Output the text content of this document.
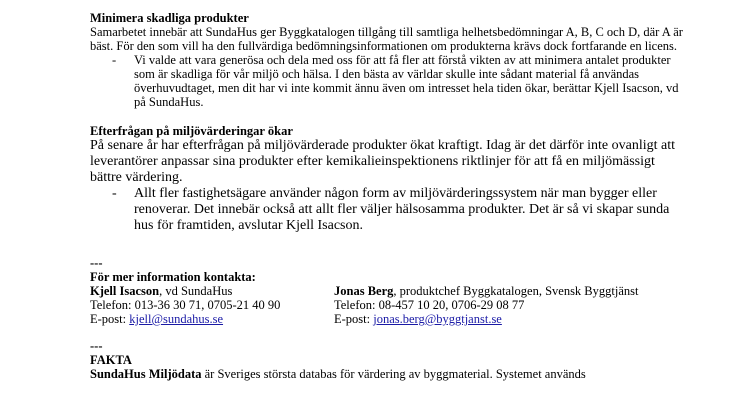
Minimera skadliga produkter

Samarbetet innebär att SundaHus ger Byggkatalogen tillgång till samtliga helhetsbedömningar A, B, C och D, där A är bäst. För den som vill ha den fullvärdiga bedömningsinformationen om produkterna krävs dock fortfarande en licens.

- Vi valde att vara generösa och dela med oss för att få fler att förstå vikten av att minimera antalet produkter som är skadliga för vår miljö och hälsa. I den bästa av världar skulle inte sådant material få användas överhuvudtaget, men dit har vi inte kommit ännu även om intresset hela tiden ökar, berättar Kjell Isacson, vd på SundaHus.

Efterfrågan på miljövärderingar ökar

På senare år har efterfrågan på miljövärderade produkter ökat kraftigt. Idag är det därför inte ovanligt att leverantörer anpassar sina produkter efter kemikalieinspektionens riktlinjer för att få en miljömässigt bättre värdering.

- Allt fler fastighetsägare använder någon form av miljövärderingssystem när man bygger eller renoverar. Det innebär också att allt fler väljer hälsosamma produkter. Det är så vi skapar sunda hus för framtiden, avslutar Kjell Isacson.

---
För mer information kontakta:
Kjell Isacson, vd SundaHus
Telefon: 013-36 30 71, 0705-21 40 90
E-post: kjell@sundahus.se
Jonas Berg, produktchef Byggkatalogen, Svensk Byggtjänst
Telefon: 08-457 10 20, 0706-29 08 77
E-post: jonas.berg@byggtjanst.se
---
FAKTA
SundaHus Miljödata är Sveriges största databas för värdering av byggmaterial. Systemet används
